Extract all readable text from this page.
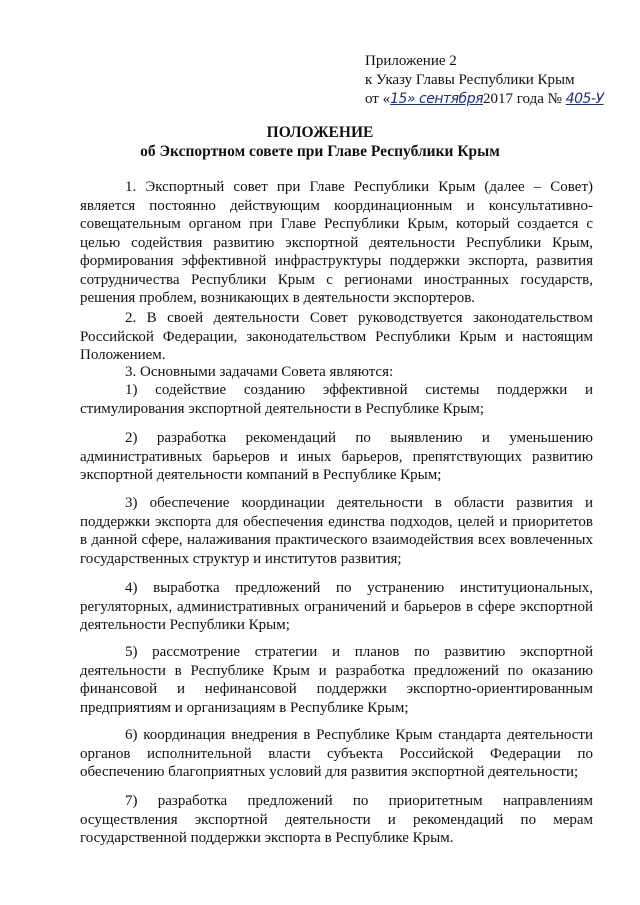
Приложение 2
к Указу Главы Республики Крым
от «15» сентября2017 года № 405-У
ПОЛОЖЕНИЕ
об Экспортном совете при Главе Республики Крым
1. Экспортный совет при Главе Республики Крым (далее – Совет) является постоянно действующим координационным и консультативно-совещательным органом при Главе Республики Крым, который создается с целью содействия развитию экспортной деятельности Республики Крым, формирования эффективной инфраструктуры поддержки экспорта, развития сотрудничества Республики Крым с регионами иностранных государств, решения проблем, возникающих в деятельности экспортеров.
2. В своей деятельности Совет руководствуется законодательством Российской Федерации, законодательством Республики Крым и настоящим Положением.
3. Основными задачами Совета являются:
1) содействие созданию эффективной системы поддержки и стимулирования экспортной деятельности в Республике Крым;
2) разработка рекомендаций по выявлению и уменьшению административных барьеров и иных барьеров, препятствующих развитию экспортной деятельности компаний в Республике Крым;
3) обеспечение координации деятельности в области развития и поддержки экспорта для обеспечения единства подходов, целей и приоритетов в данной сфере, налаживания практического взаимодействия всех вовлеченных государственных структур и институтов развития;
4) выработка предложений по устранению институциональных, регуляторных, административных ограничений и барьеров в сфере экспортной деятельности Республики Крым;
5) рассмотрение стратегии и планов по развитию экспортной деятельности в Республике Крым и разработка предложений по оказанию финансовой и нефинансовой поддержки экспортно-ориентированным предприятиям и организациям в Республике Крым;
6) координация внедрения в Республике Крым стандарта деятельности органов исполнительной власти субъекта Российской Федерации по обеспечению благоприятных условий для развития экспортной деятельности;
7) разработка предложений по приоритетным направлениям осуществления экспортной деятельности и рекомендаций по мерам государственной поддержки экспорта в Республике Крым.
